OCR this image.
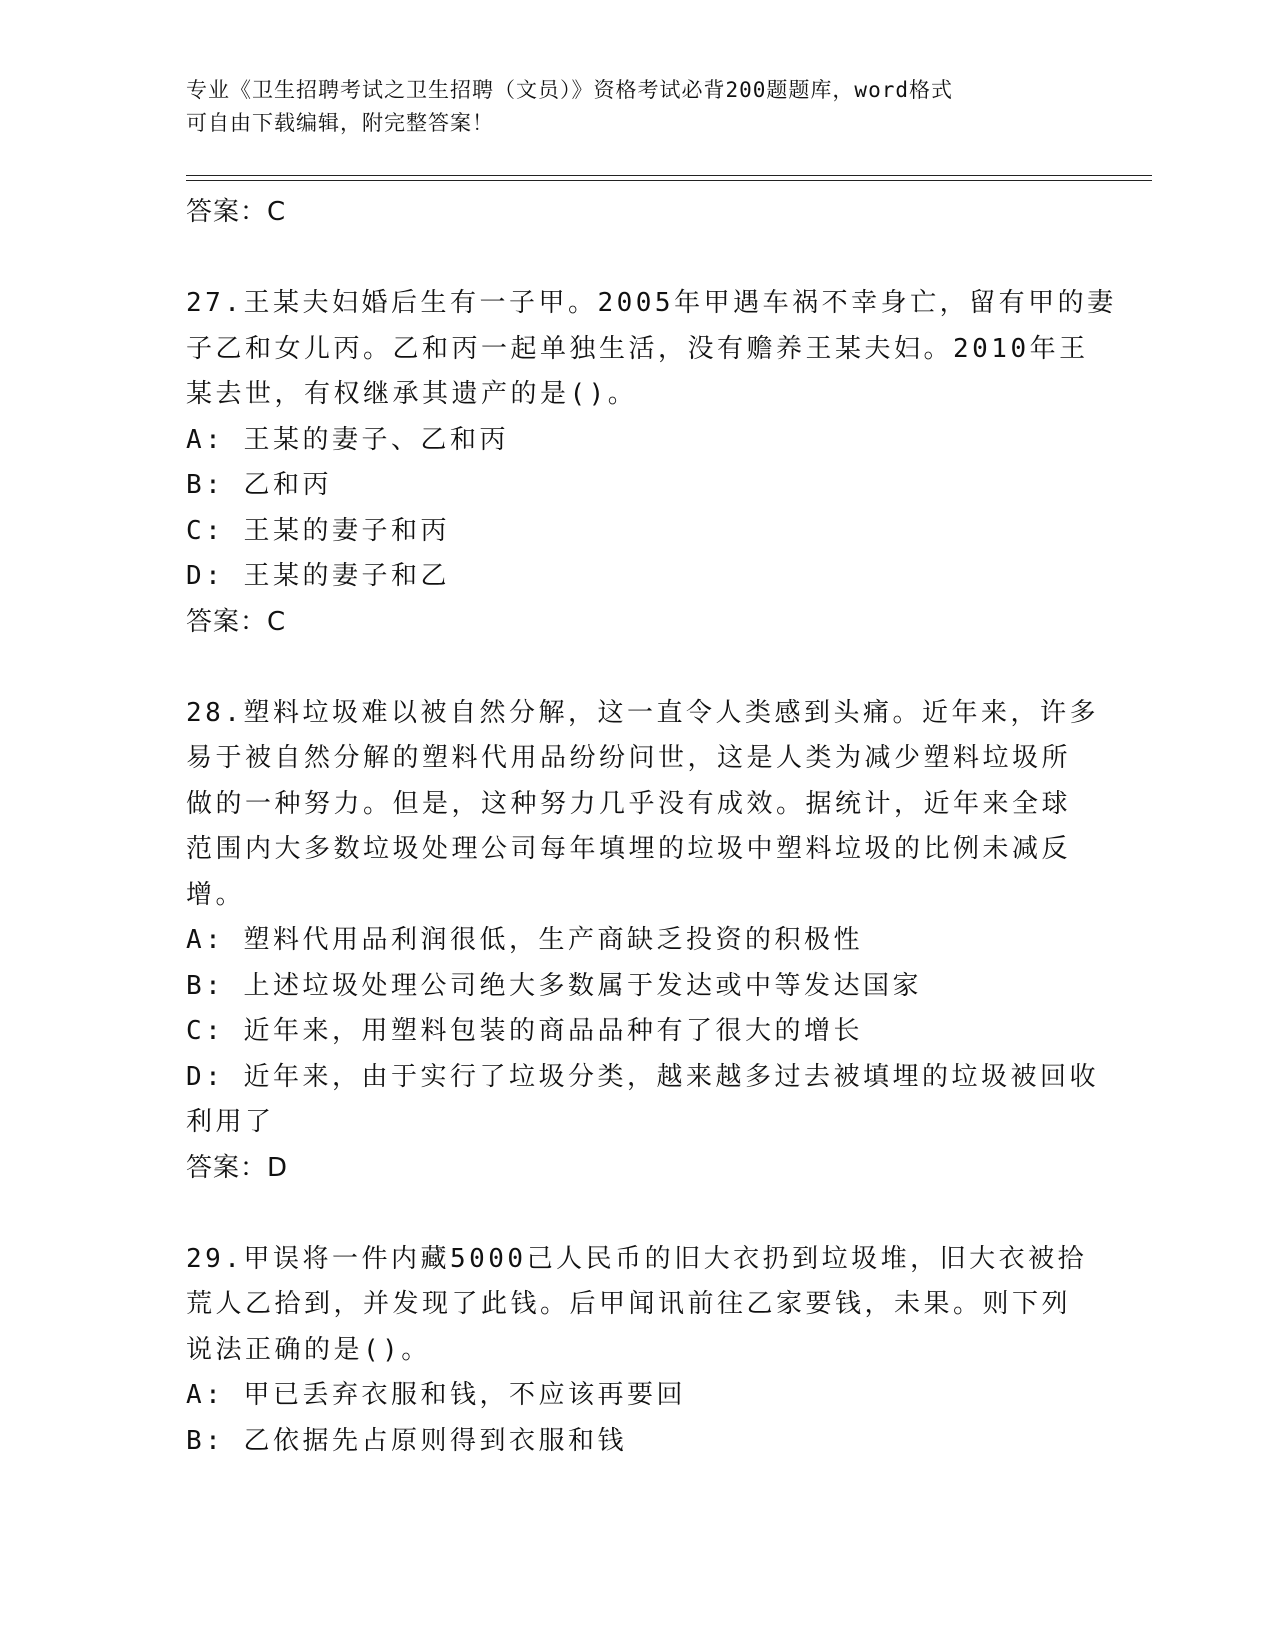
专业《卫生招聘考试之卫生招聘（文员）》资格考试必背200题题库，word格式
可自由下载编辑，附完整答案！
答案：C
27.王某夫妇婚后生有一子甲。2005年甲遇车祸不幸身亡，留有甲的妻
子乙和女儿丙。乙和丙一起单独生活，没有赡养王某夫妇。2010年王
某去世，有权继承其遗产的是()。
A: 王某的妻子、乙和丙
B: 乙和丙
C: 王某的妻子和丙
D: 王某的妻子和乙
答案：C
28.塑料垃圾难以被自然分解，这一直令人类感到头痛。近年来，许多
易于被自然分解的塑料代用品纷纷问世，这是人类为减少塑料垃圾所
做的一种努力。但是，这种努力几乎没有成效。据统计，近年来全球
范围内大多数垃圾处理公司每年填埋的垃圾中塑料垃圾的比例未减反
增。
A: 塑料代用品利润很低，生产商缺乏投资的积极性
B: 上述垃圾处理公司绝大多数属于发达或中等发达国家
C: 近年来，用塑料包装的商品品种有了很大的增长
D: 近年来，由于实行了垃圾分类，越来越多过去被填埋的垃圾被回收
利用了
答案：D
29.甲误将一件内藏5000己人民币的旧大衣扔到垃圾堆，旧大衣被拾
荒人乙拾到，并发现了此钱。后甲闻讯前往乙家要钱，未果。则下列
说法正确的是()。
A: 甲已丢弃衣服和钱，不应该再要回
B: 乙依据先占原则得到衣服和钱
